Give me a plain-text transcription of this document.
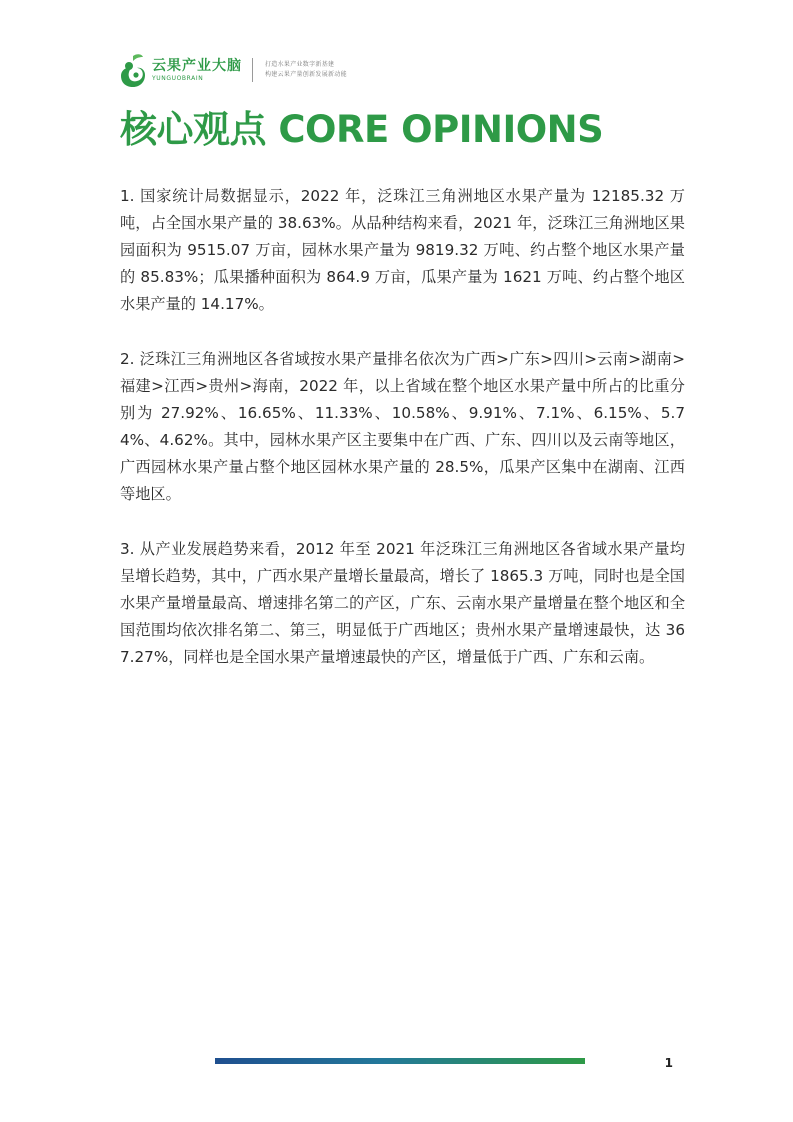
云果产业大脑
YUNGUOBRAIN
打造水果产业数字新基建
构建云果产量创新发展新动能
核心观点 CORE OPINIONS

1. 国家统计局数据显示，2022 年，泛珠江三角洲地区水果产量为 12185.32 万吨，占全国水果产量的 38.63%。从品种结构来看，2021 年，泛珠江三角洲地区果园面积为 9515.07 万亩，园林水果产量为 9819.32 万吨、约占整个地区水果产量的 85.83%；瓜果播种面积为 864.9 万亩，瓜果产量为 1621 万吨、约占整个地区水果产量的 14.17%。

2. 泛珠江三角洲地区各省域按水果产量排名依次为广西>广东>四川>云南>湖南>福建>江西>贵州>海南，2022 年，以上省域在整个地区水果产量中所占的比重分别为 27.92%、16.65%、11.33%、10.58%、9.91%、7.1%、6.15%、5.74%、4.62%。其中，园林水果产区主要集中在广西、广东、四川以及云南等地区，广西园林水果产量占整个地区园林水果产量的 28.5%，瓜果产区集中在湖南、江西等地区。

3. 从产业发展趋势来看，2012 年至 2021 年泛珠江三角洲地区各省域水果产量均呈增长趋势，其中，广西水果产量增长量最高，增长了 1865.3 万吨，同时也是全国水果产量增量最高、增速排名第二的产区，广东、云南水果产量增量在整个地区和全国范围均依次排名第二、第三，明显低于广西地区；贵州水果产量增速最快，达 367.27%，同样也是全国水果产量增速最快的产区，增量低于广西、广东和云南。

1
